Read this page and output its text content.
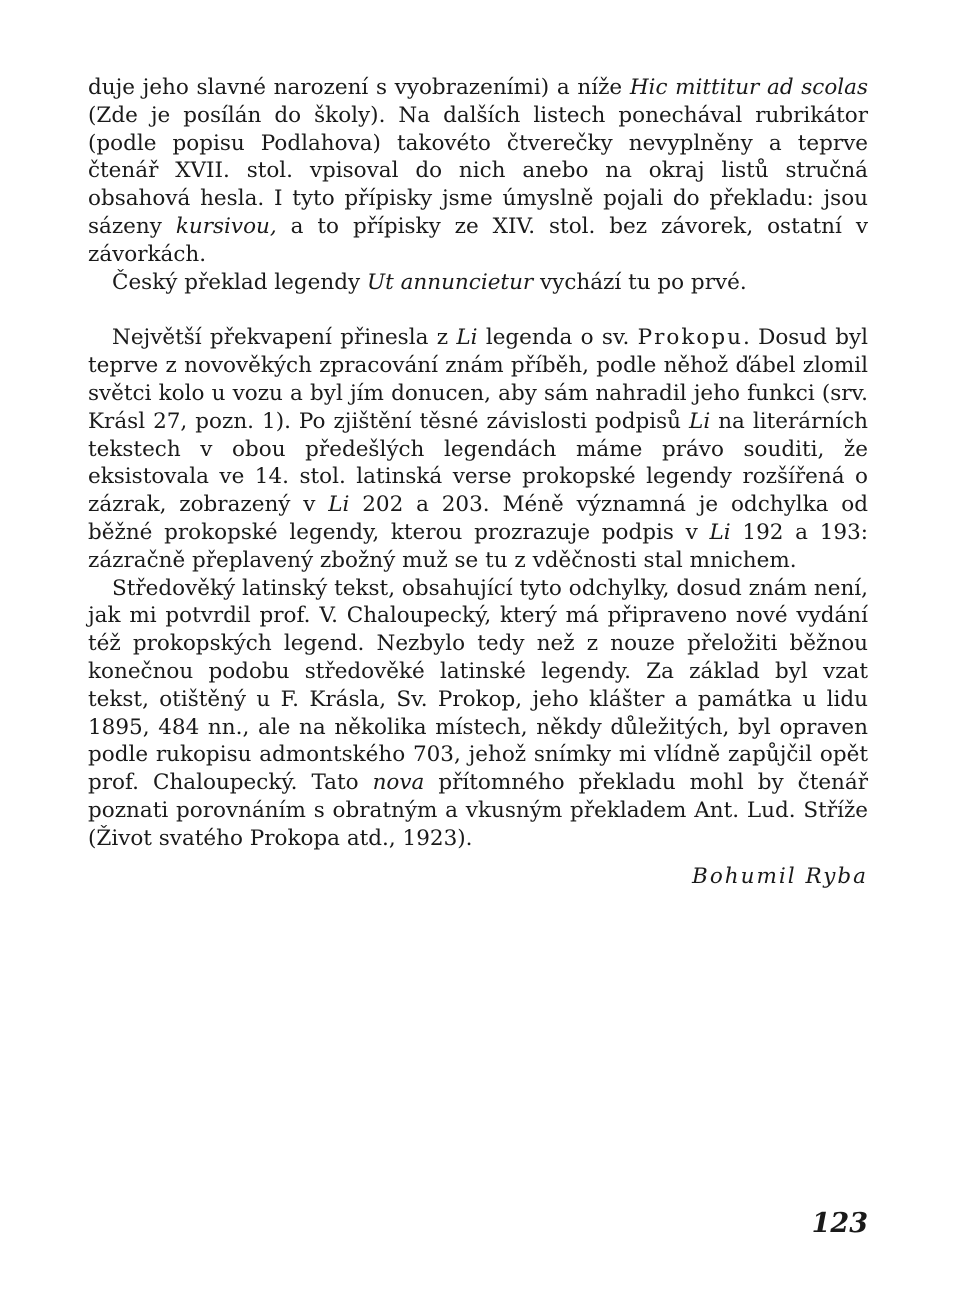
duje jeho slavné narození s vyobrazeními) a níže Hic mittitur ad scolas (Zde je posílán do školy). Na dalších listech ponechával rubrikátor (podle popisu Podlahova) takovéto čtverečky nevyplněny a teprve čtenář XVII. stol. vpisoval do nich anebo na okraj listů stručná obsahová hesla. I tyto přípisky jsme úmyslně pojali do překladu: jsou sázeny kursivou, a to přípisky ze XIV. stol. bez závorek, ostatní v závorkách.

Český překlad legendy Ut annuncietur vychází tu po prvé.

Největší překvapení přinesla z Li legenda o sv. Prokopu. Dosud byl teprve z novověkých zpracování znám příběh, podle něhož ďábel zlomil světci kolo u vozu a byl jím donucen, aby sám nahradil jeho funkci (srv. Krásl 27, pozn. 1). Po zjištění těsné závislosti podpisů Li na literárních tekstech v obou předešlých legendách máme právo souditi, že eksistovala ve 14. stol. latinská verse prokopské legendy rozšířená o zázrak, zobrazený v Li 202 a 203. Méně významná je odchylka od běžné prokopské legendy, kterou prozrazuje podpis v Li 192 a 193: zázračně přeplavený zbožný muž se tu z vděčnosti stal mnichem.

Středověký latinský tekst, obsahující tyto odchylky, dosud znám není, jak mi potvrdil prof. V. Chaloupecký, který má připraveno nové vydání též prokopských legend. Nezbylo tedy než z nouze přeložiti běžnou konečnou podobu středověké latinské legendy. Za základ byl vzat tekst, otištěný u F. Krásla, Sv. Prokop, jeho klášter a památka u lidu 1895, 484 nn., ale na několika místech, někdy důležitých, byl opraven podle rukopisu admontského 703, jehož snímky mi vlídně zapůjčil opět prof. Chaloupecký. Tato nova přítomného překladu mohl by čtenář poznati porovnáním s obratným a vkusným překladem Ant. Lud. Stříže (Život svatého Prokopa atd., 1923).

Bohumil Ryba
123
